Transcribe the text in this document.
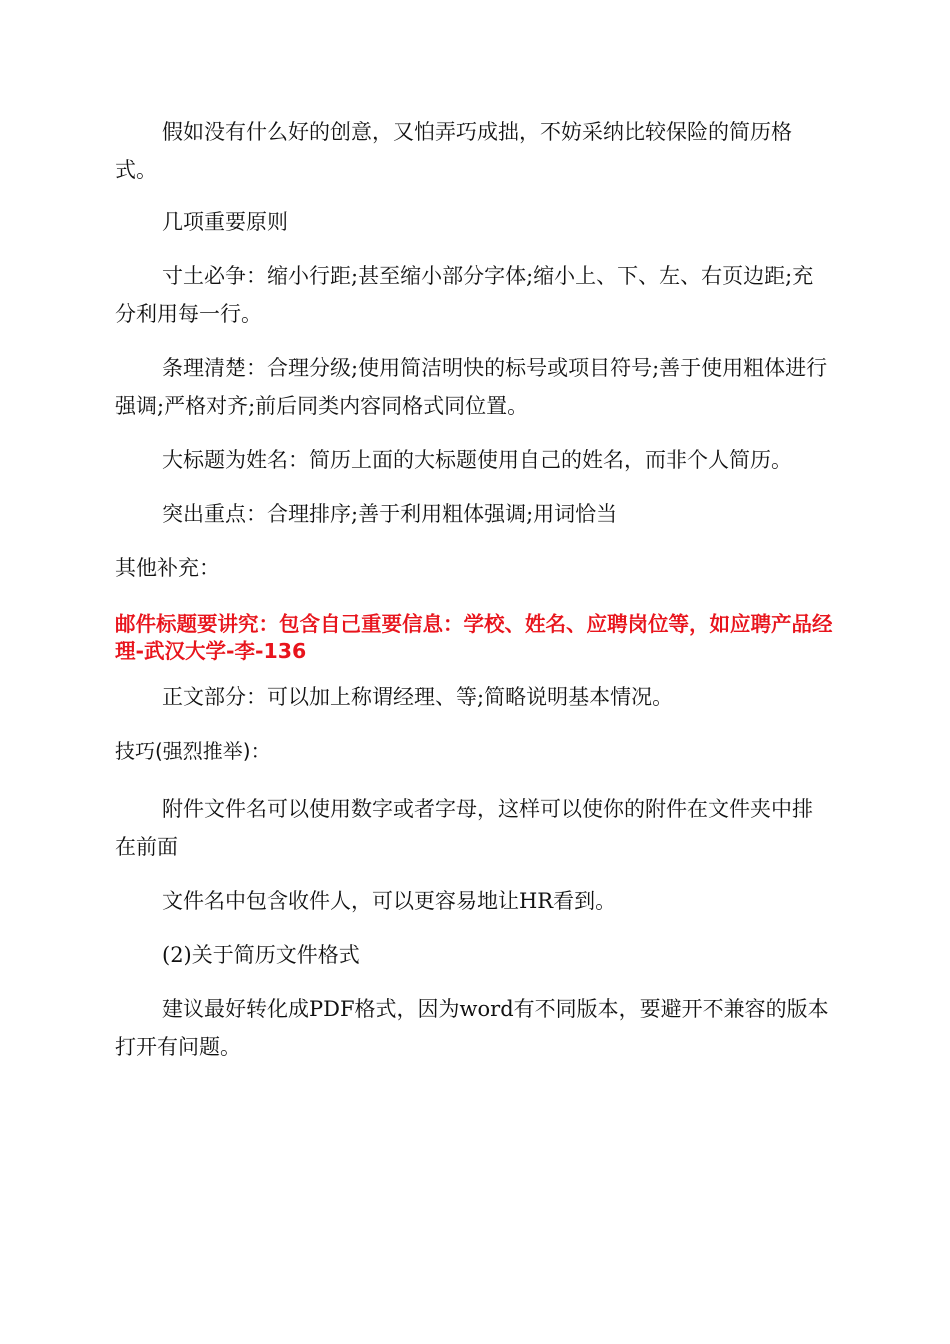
假如没有什么好的创意，又怕弄巧成拙，不妨采纳比较保险的简历格式。

几项重要原则

寸土必争：缩小行距;甚至缩小部分字体;缩小上、下、左、右页边距;充分利用每一行。

条理清楚：合理分级;使用简洁明快的标号或项目符号;善于使用粗体进行强调;严格对齐;前后同类内容同格式同位置。

大标题为姓名：简历上面的大标题使用自己的姓名，而非个人简历。

突出重点：合理排序;善于利用粗体强调;用词恰当

其他补充：

邮件标题要讲究：包含自己重要信息：学校、姓名、应聘岗位等，如应聘产品经理-武汉大学-李-136

正文部分：可以加上称谓经理、等;简略说明基本情况。

技巧(强烈推举)：

附件文件名可以使用数字或者字母，这样可以使你的附件在文件夹中排在前面

文件名中包含收件人，可以更容易地让HR看到。

(2)关于简历文件格式

建议最好转化成PDF格式，因为word有不同版本，要避开不兼容的版本打开有问题。
